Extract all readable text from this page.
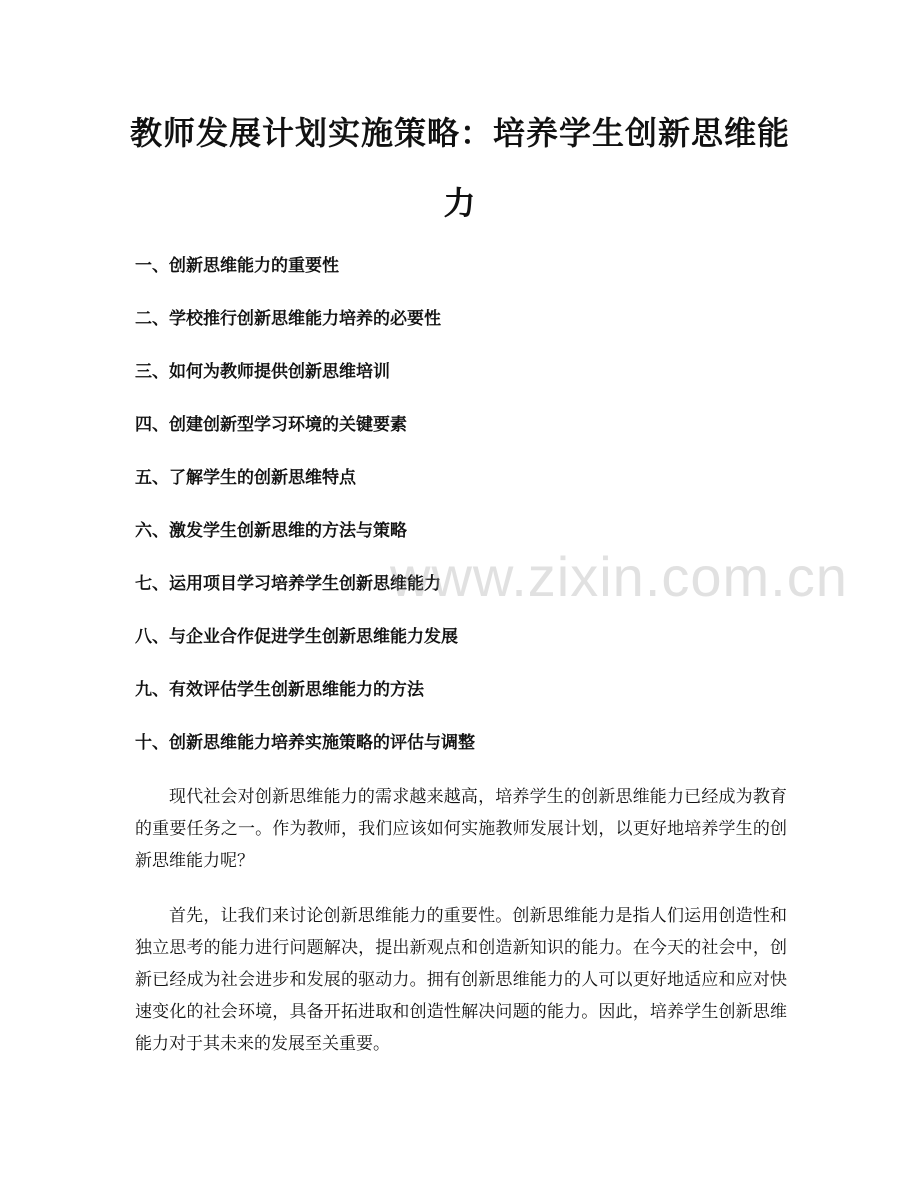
教师发展计划实施策略：培养学生创新思维能力
一、创新思维能力的重要性
二、学校推行创新思维能力培养的必要性
三、如何为教师提供创新思维培训
四、创建创新型学习环境的关键要素
五、了解学生的创新思维特点
六、激发学生创新思维的方法与策略
七、运用项目学习培养学生创新思维能力
八、与企业合作促进学生创新思维能力发展
九、有效评估学生创新思维能力的方法
十、创新思维能力培养实施策略的评估与调整

现代社会对创新思维能力的需求越来越高，培养学生的创新思维能力已经成为教育的重要任务之一。作为教师，我们应该如何实施教师发展计划，以更好地培养学生的创新思维能力呢？

首先，让我们来讨论创新思维能力的重要性。创新思维能力是指人们运用创造性和独立思考的能力进行问题解决，提出新观点和创造新知识的能力。在今天的社会中，创新已经成为社会进步和发展的驱动力。拥有创新思维能力的人可以更好地适应和应对快速变化的社会环境，具备开拓进取和创造性解决问题的能力。因此，培养学生创新思维能力对于其未来的发展至关重要。

www.zixin.com.cn
